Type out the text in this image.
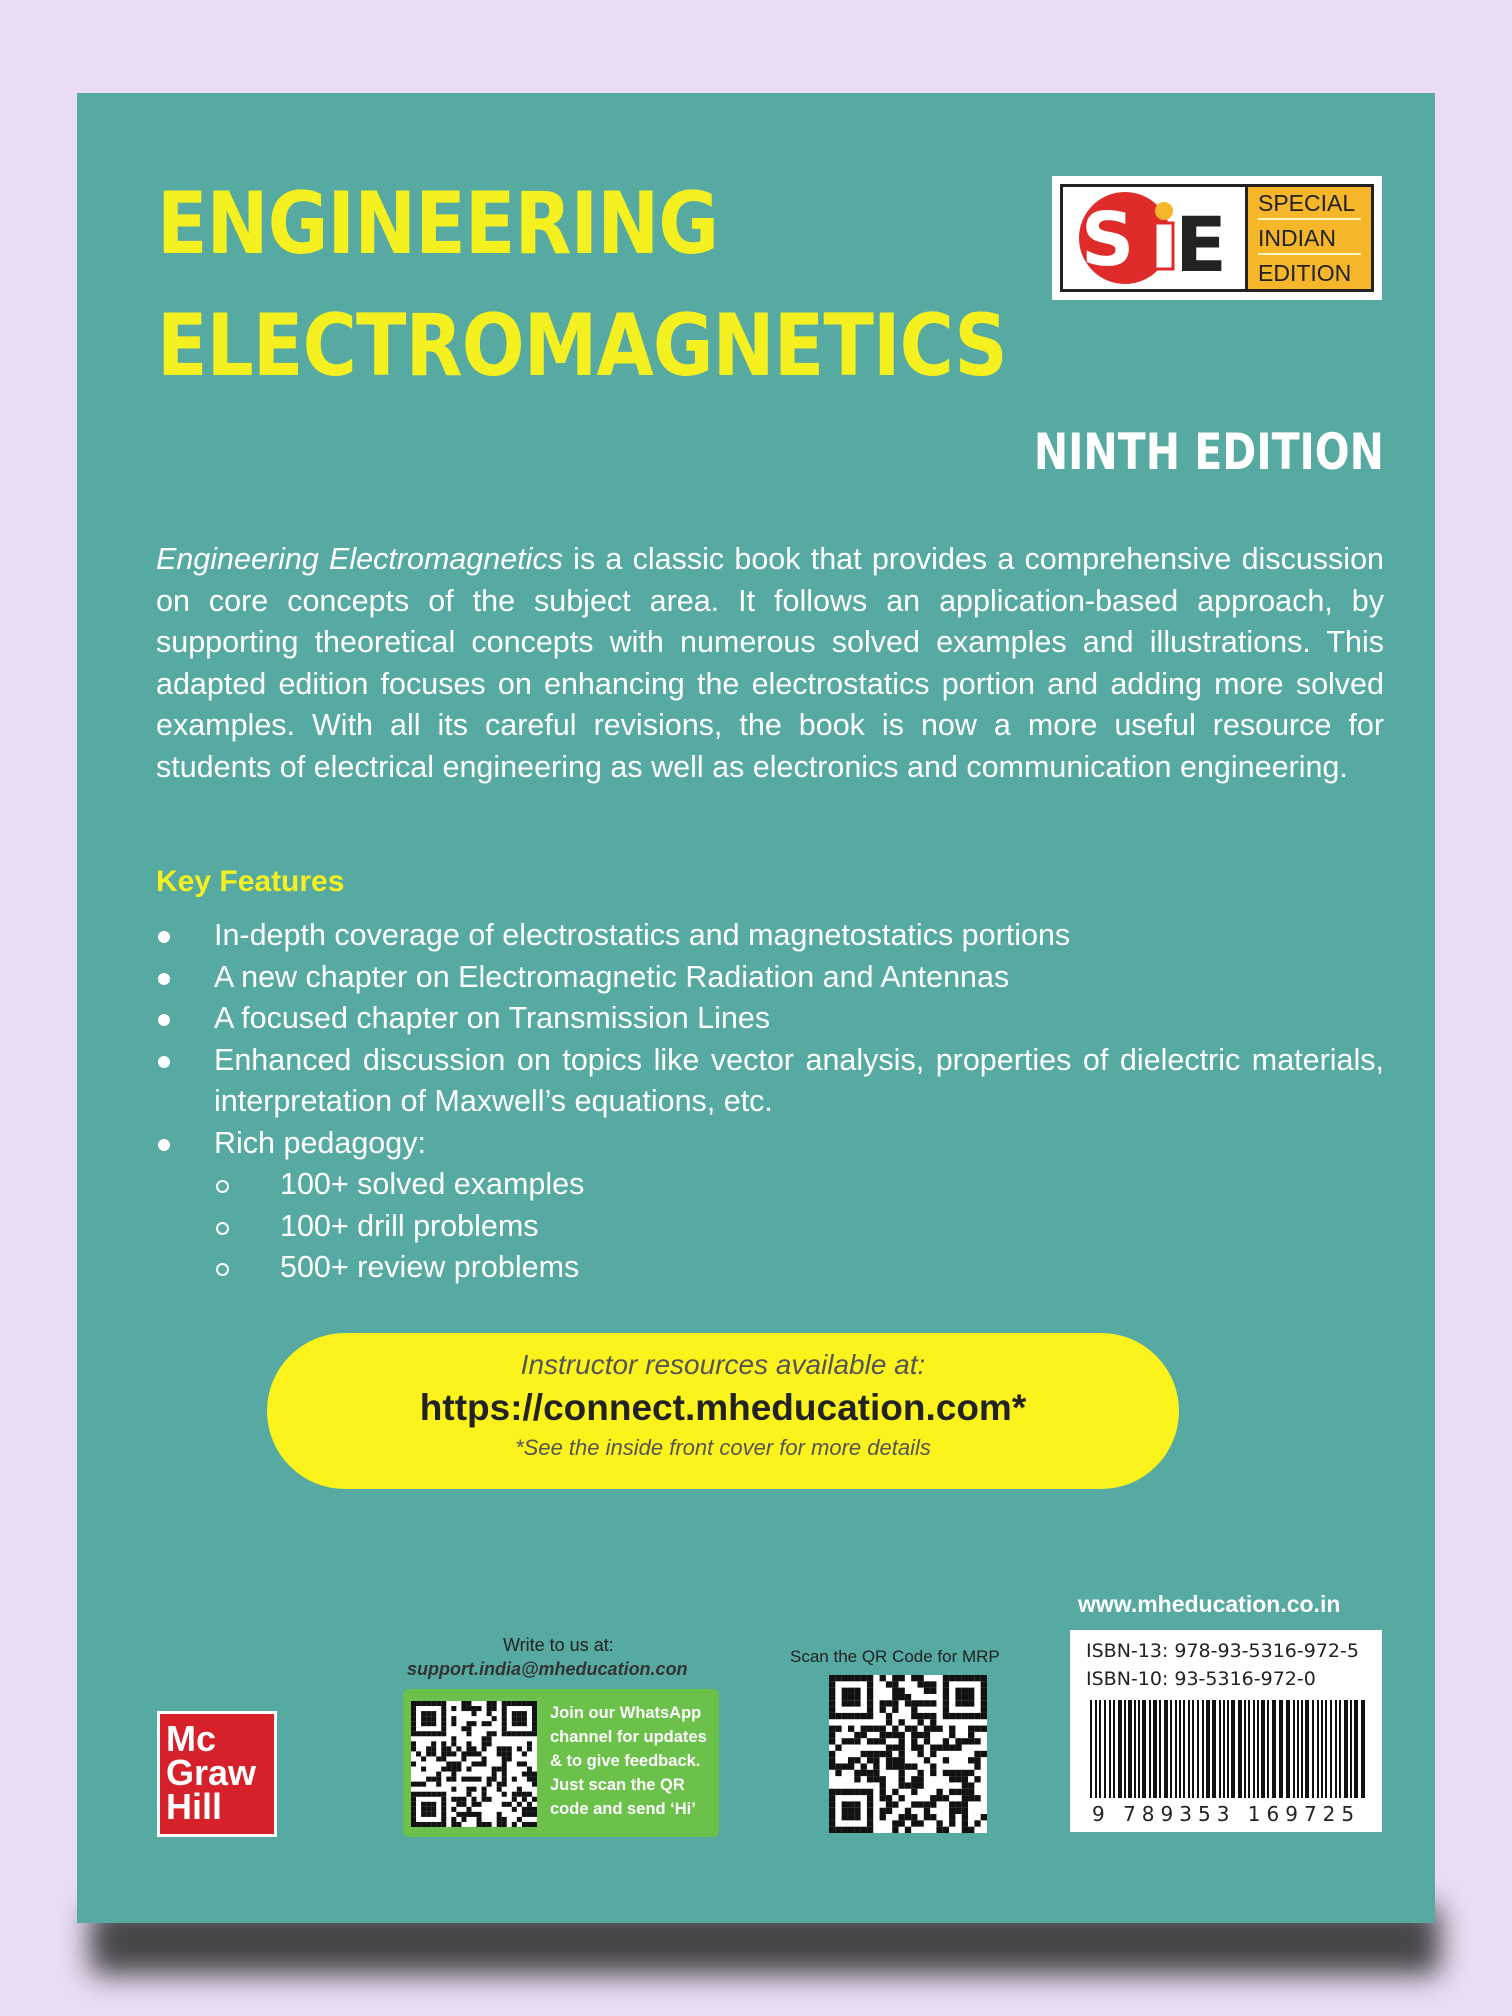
ENGINEERING
ELECTROMAGNETICS
S E SPECIAL
INDIAN
EDITION
NINTH EDITION

Engineering Electromagnetics is a classic book that provides a comprehensive discussion on core concepts of the subject area. It follows an application-based approach, by supporting theoretical concepts with numerous solved examples and illustrations. This adapted edition focuses on enhancing the electrostatics portion and adding more solved examples. With all its careful revisions, the book is now a more useful resource for students of electrical engineering as well as electronics and communication engineering.

Key Features
In-depth coverage of electrostatics and magnetostatics portions
A new chapter on Electromagnetic Radiation and Antennas
A focused chapter on Transmission Lines
Enhanced discussion on topics like vector analysis, properties of dielectric materials, interpretation of Maxwell’s equations, etc.
Rich pedagogy:
100+ solved examples
100+ drill problems
500+ review problems
Instructor resources available at:
https://connect.mheducation.com*
*See the inside front cover for more details
Mc
Graw
Hill
Write to us at:
support.india@mheducation.con

Join our WhatsApp channel for updates & to give feedback. Just scan the QR code and send ‘Hi’

Scan the QR Code for MRP
www.mheducation.co.in
ISBN-13: 978-93-5316-972-5
ISBN-10: 93-5316-972-0
9 789353 169725
